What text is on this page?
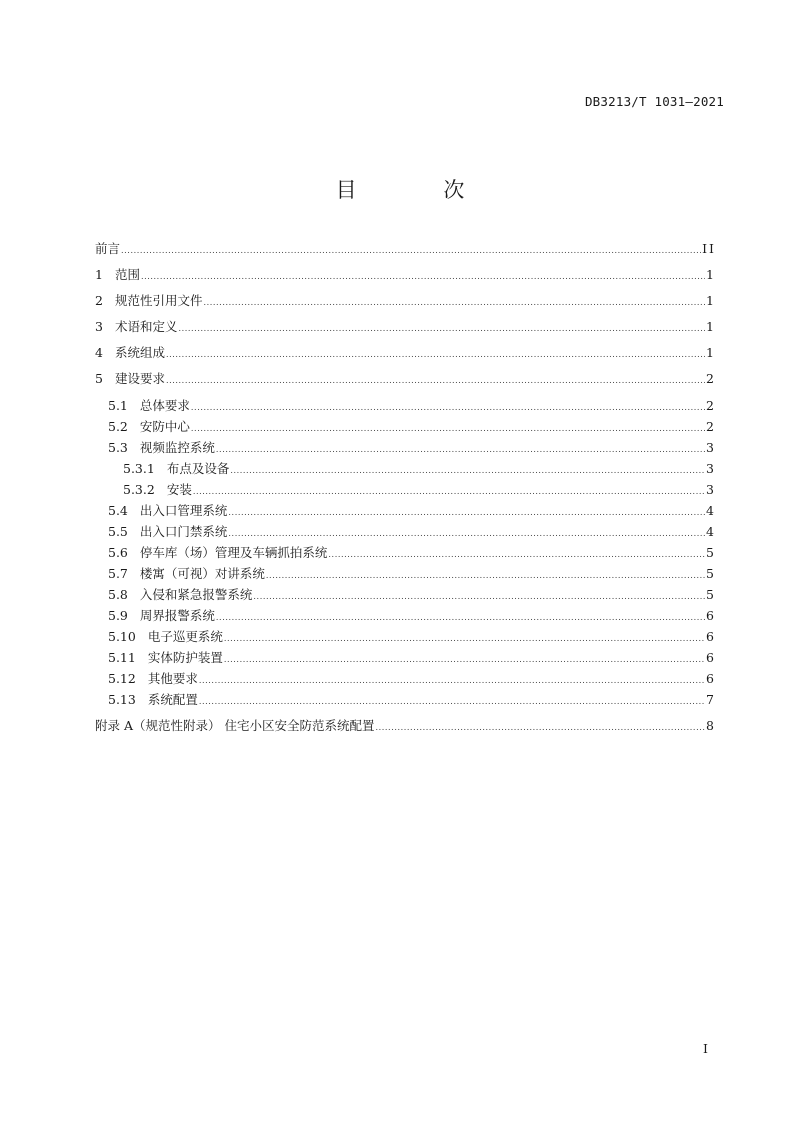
DB3213/T 1031—2021
目 次
前言 .....	II
1 范围 .....	1
2 规范性引用文件 .....	1
3 术语和定义 .....	1
4 系统组成 .....	1
5 建设要求 .....	2
5.1 总体要求 .....	2
5.2 安防中心 .....	2
5.3 视频监控系统 .....	3
5.3.1 布点及设备 .....	3
5.3.2 安装 .....	3
5.4 出入口管理系统 .....	4
5.5 出入口门禁系统 .....	4
5.6 停车库（场）管理及车辆抓拍系统 .....	5
5.7 楼寓（可视）对讲系统 .....	5
5.8 入侵和紧急报警系统 .....	5
5.9 周界报警系统 .....	6
5.10 电子巡更系统 .....	6
5.11 实体防护装置 .....	6
5.12 其他要求 .....	6
5.13 系统配置 .....	7
附录 A（规范性附录） 住宅小区安全防范系统配置 .....	8
I
